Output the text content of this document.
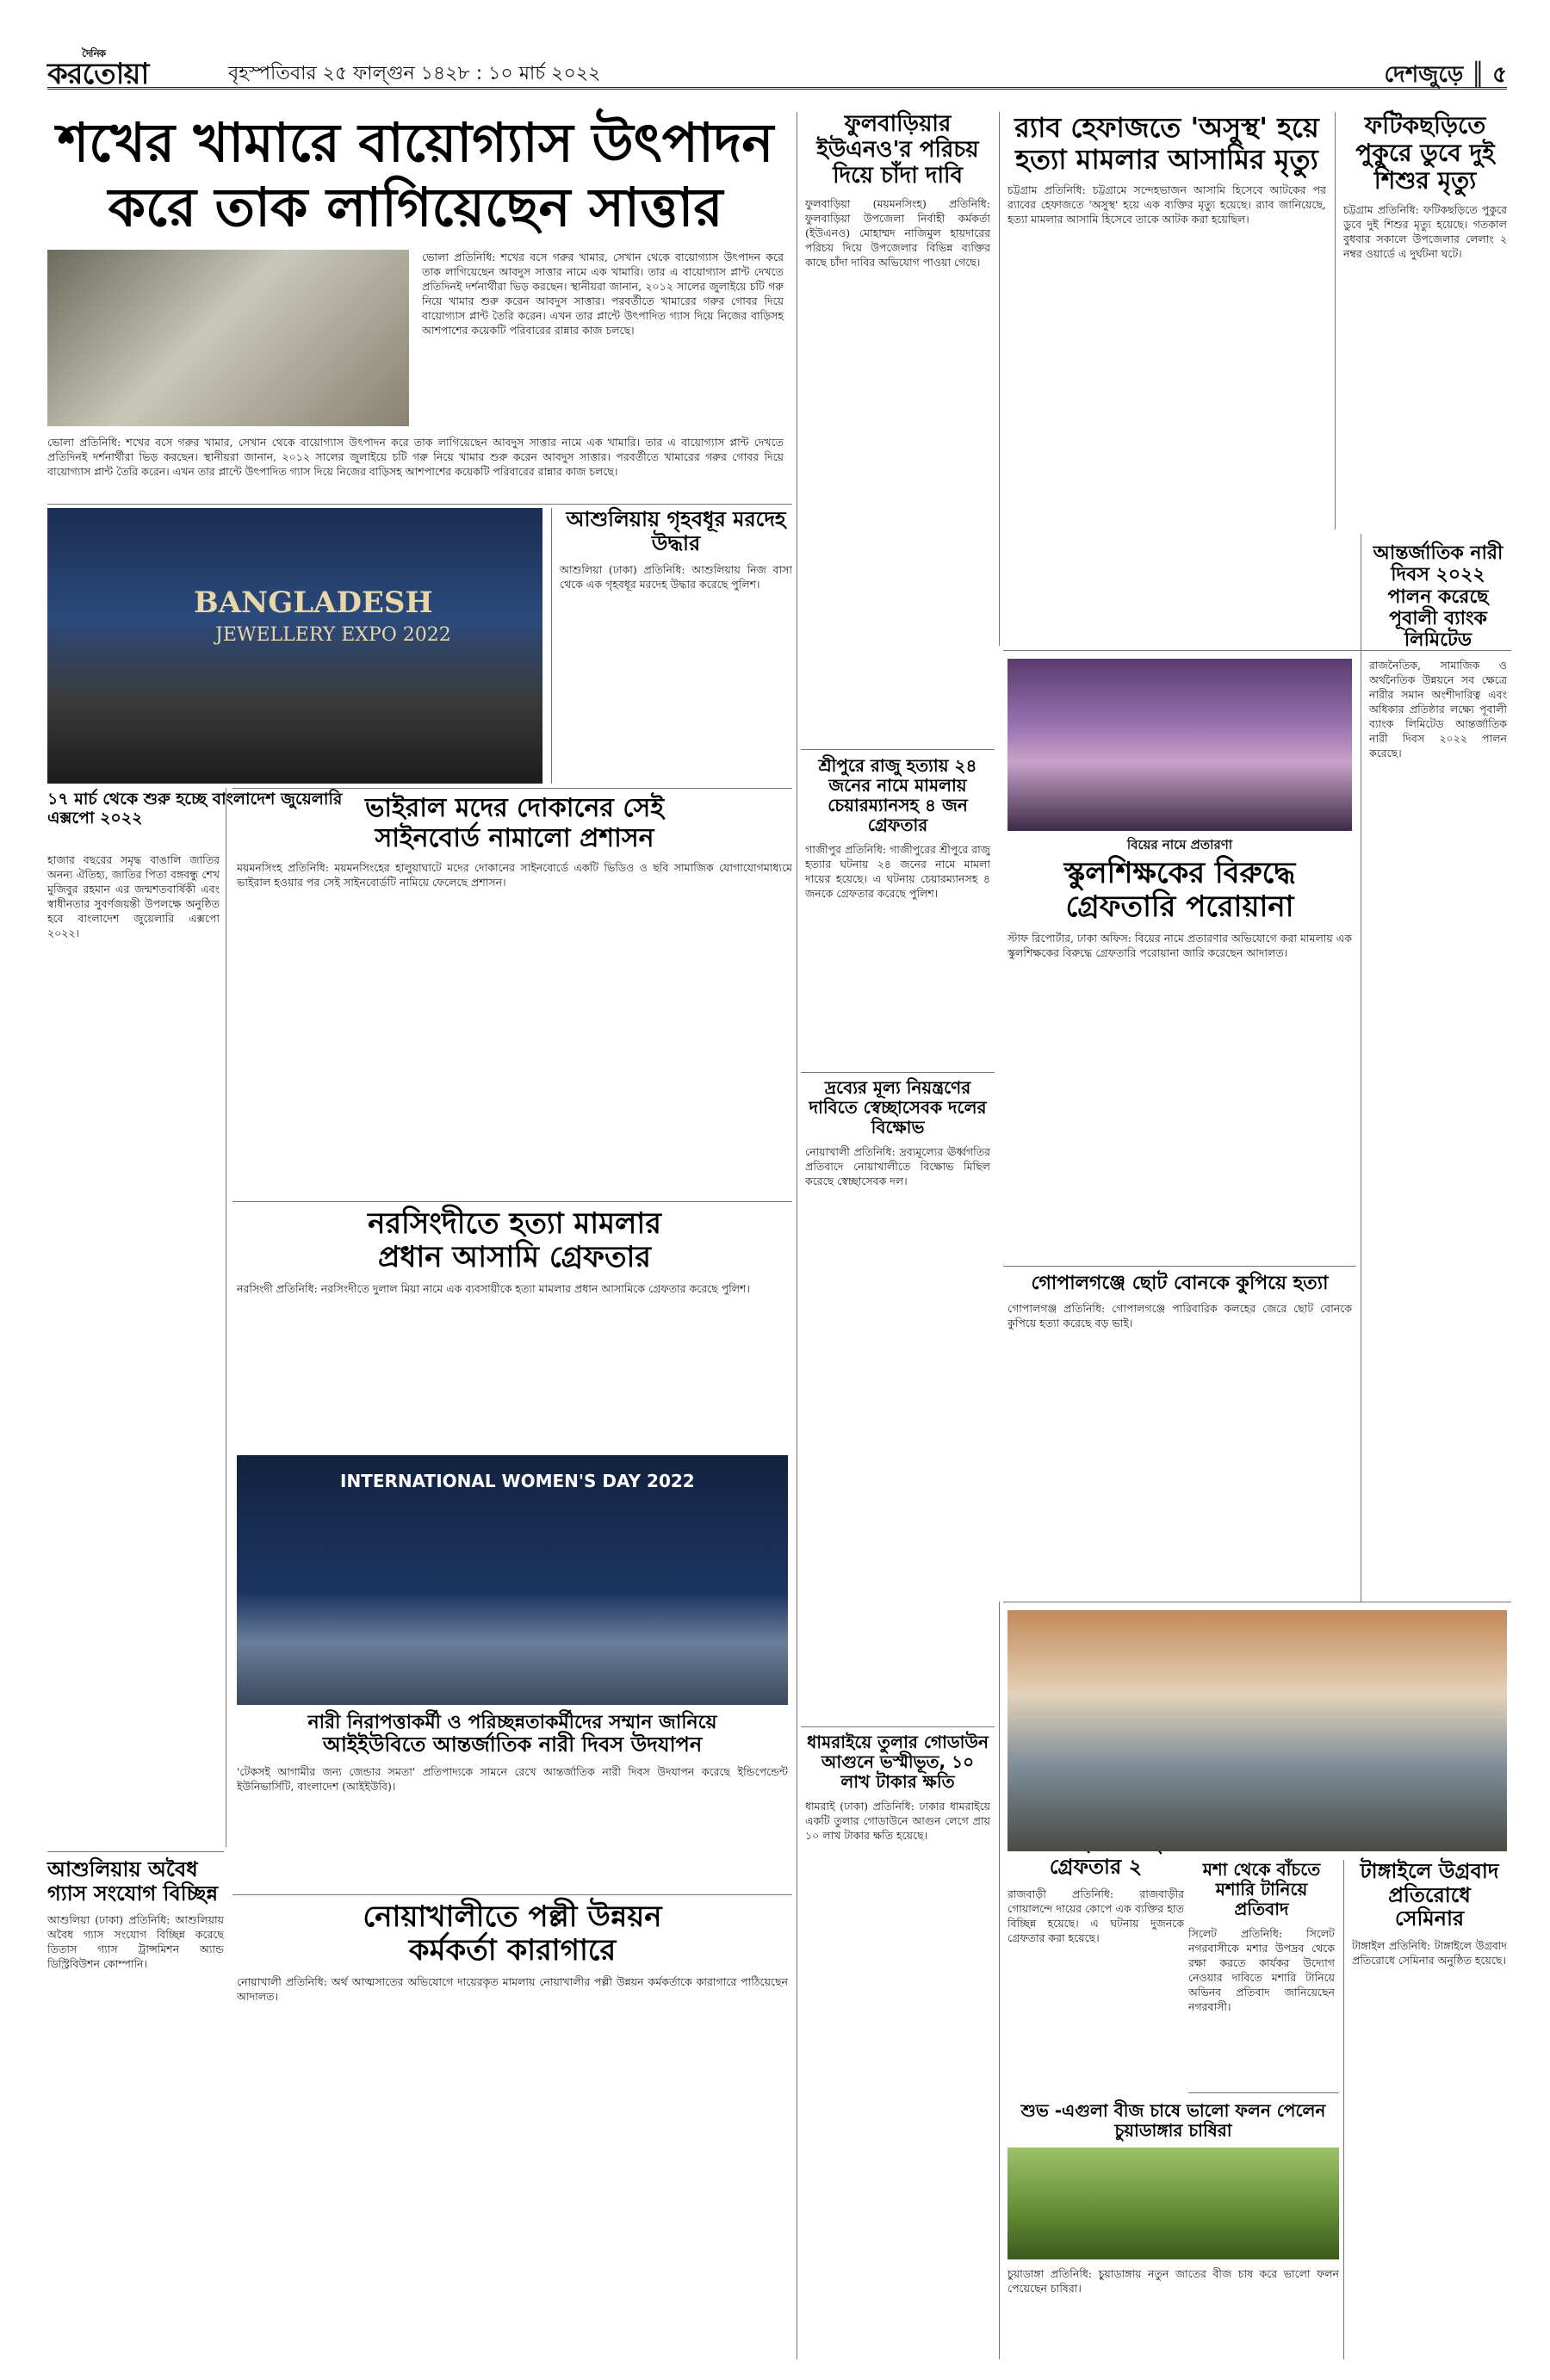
দৈনিক
করতোয়া	বৃহস্পতিবার ২৫ ফাল্গুন ১৪২৮ : ১০ মার্চ ২০২২	দেশজুড়ে ║ ৫
শখের খামারে বায়োগ্যাস উৎপাদন
করে তাক লাগিয়েছেন সাত্তার
ভোলা প্রতিনিধি: শখের বসে গরুর খামার, সেখান থেকে বায়োগ্যাস উৎপাদন করে তাক লাগিয়েছেন আবদুস সাত্তার নামে এক খামারি। তার এ বায়োগ্যাস প্লান্ট দেখতে প্রতিদিনই দর্শনার্থীরা ভিড় করছেন। স্থানীয়রা জানান, ২০১২ সালের জুলাইয়ে চটি গরু নিয়ে খামার শুরু করেন আবদুস সাত্তার। পরবর্তীতে খামারের গরুর গোবর দিয়ে বায়োগ্যাস প্লান্ট তৈরি করেন। এখন তার প্লান্টে উৎপাদিত গ্যাস দিয়ে নিজের বাড়িসহ আশপাশের কয়েকটি পরিবারের রান্নার কাজ চলছে।
ভোলা প্রতিনিধি: শখের বসে গরুর খামার, সেখান থেকে বায়োগ্যাস উৎপাদন করে তাক লাগিয়েছেন আবদুস সাত্তার নামে এক খামারি। তার এ বায়োগ্যাস প্লান্ট দেখতে প্রতিদিনই দর্শনার্থীরা ভিড় করছেন। স্থানীয়রা জানান, ২০১২ সালের জুলাইয়ে চটি গরু নিয়ে খামার শুরু করেন আবদুস সাত্তার। পরবর্তীতে খামারের গরুর গোবর দিয়ে বায়োগ্যাস প্লান্ট তৈরি করেন। এখন তার প্লান্টে উৎপাদিত গ্যাস দিয়ে নিজের বাড়িসহ আশপাশের কয়েকটি পরিবারের রান্নার কাজ চলছে।
ফুলবাড়িয়ার ইউএনও'র পরিচয় দিয়ে চাঁদা দাবি
ফুলবাড়িয়া (ময়মনসিংহ) প্রতিনিধি: ফুলবাড়িয়া উপজেলা নির্বাহী কর্মকর্তা (ইউএনও) মোহাম্মদ নাজিমুল হায়দারের পরিচয় দিয়ে উপজেলার বিভিন্ন ব্যক্তির কাছে চাঁদা দাবির অভিযোগ পাওয়া গেছে।
র‌্যাব হেফাজতে 'অসুস্থ' হয়ে
হত্যা মামলার আসামির মৃত্যু
চট্টগ্রাম প্রতিনিধি: চট্টগ্রামে সন্দেহভাজন আসামি হিসেবে আটকের পর র‌্যাবের হেফাজতে 'অসুস্থ' হয়ে এক ব্যক্তির মৃত্যু হয়েছে। র‌্যাব জানিয়েছে, হত্যা মামলার আসামি হিসেবে তাকে আটক করা হয়েছিল।
ফটিকছড়িতে পুকুরে ডুবে দুই শিশুর মৃত্যু
চট্টগ্রাম প্রতিনিধি: ফটিকছড়িতে পুকুরে ডুবে দুই শিশুর মৃত্যু হয়েছে। গতকাল বুধবার সকালে উপজেলার লেলাং ২ নম্বর ওয়ার্ডে এ দুর্ঘটনা ঘটে।
BANGLADESH
JEWELLERY EXPO 2022
১৭ মার্চ থেকে শুরু হচ্ছে বাংলাদেশ জুয়েলারি এক্সপো ২০২২
হাজার বছরের সমৃদ্ধ বাঙালি জাতির অনন্য ঐতিহ্য, জাতির পিতা বঙ্গবন্ধু শেখ মুজিবুর রহমান এর জন্মশতবার্ষিকী এবং স্বাধীনতার সুবর্ণজয়ন্তী উপলক্ষে অনুষ্ঠিত হবে বাংলাদেশ জুয়েলারি এক্সপো ২০২২।
আশুলিয়ায় গৃহবধূর মরদেহ উদ্ধার
আশুলিয়া (ঢাকা) প্রতিনিধি: আশুলিয়ায় নিজ বাসা থেকে এক গৃহবধূর মরদেহ উদ্ধার করেছে পুলিশ।
ভাইরাল মদের দোকানের সেই
সাইনবোর্ড নামালো প্রশাসন
ময়মনসিংহ প্রতিনিধি: ময়মনসিংহের হালুয়াঘাটে মদের দোকানের সাইনবোর্ডে একটি ভিডিও ও ছবি সামাজিক যোগাযোগমাধ্যমে ভাইরাল হওয়ার পর সেই সাইনবোর্ডটি নামিয়ে ফেলেছে প্রশাসন।
নরসিংদীতে হত্যা মামলার
প্রধান আসামি গ্রেফতার
নরসিংদী প্রতিনিধি: নরসিংদীতে দুলাল মিয়া নামে এক ব্যবসায়ীকে হত্যা মামলার প্রধান আসামিকে গ্রেফতার করেছে পুলিশ।
INTERNATIONAL WOMEN'S DAY 2022
নারী নিরাপত্তাকর্মী ও পরিচ্ছন্নতাকর্মীদের সম্মান জানিয়ে
আইইউবিতে আন্তর্জাতিক নারী দিবস উদযাপন
'টেকসই আগামীর জন্য জেন্ডার সমতা' প্রতিপাদ্যকে সামনে রেখে আন্তর্জাতিক নারী দিবস উদযাপন করেছে ইন্ডিপেন্ডেন্ট ইউনিভার্সিটি, বাংলাদেশ (আইইউবি)।
আশুলিয়ায় অবৈধ গ্যাস সংযোগ বিচ্ছিন্ন
আশুলিয়া (ঢাকা) প্রতিনিধি: আশুলিয়ায় অবৈধ গ্যাস সংযোগ বিচ্ছিন্ন করেছে তিতাস গ্যাস ট্রান্সমিশন অ্যান্ড ডিস্ট্রিবিউশন কোম্পানি।
নোয়াখালীতে পল্লী উন্নয়ন
কর্মকর্তা কারাগারে
নোয়াখালী প্রতিনিধি: অর্থ আত্মসাতের অভিযোগে দায়েরকৃত মামলায় নোয়াখালীর পল্লী উন্নয়ন কর্মকর্তাকে কারাগারে পাঠিয়েছেন আদালত।
শ্রীপুরে রাজু হত্যায় ২৪ জনের নামে মামলায় চেয়ারম্যানসহ ৪ জন গ্রেফতার
গাজীপুর প্রতিনিধি: গাজীপুরের শ্রীপুরে রাজু হত্যার ঘটনায় ২৪ জনের নামে মামলা দায়ের হয়েছে। এ ঘটনায় চেয়ারম্যানসহ ৪ জনকে গ্রেফতার করেছে পুলিশ।
দ্রব্যের মূল্য নিয়ন্ত্রণের দাবিতে স্বেচ্ছাসেবক দলের বিক্ষোভ
নোয়াখালী প্রতিনিধি: দ্রব্যমূল্যের ঊর্ধ্বগতির প্রতিবাদে নোয়াখালীতে বিক্ষোভ মিছিল করেছে স্বেচ্ছাসেবক দল।
ধামরাইয়ে তুলার গোডাউন আগুনে ভস্মীভূত, ১০ লাখ টাকার ক্ষতি
ধামরাই (ঢাকা) প্রতিনিধি: ঢাকার ধামরাইয়ে একটি তুলার গোডাউনে আগুন লেগে প্রায় ১০ লাখ টাকার ক্ষতি হয়েছে।
গ্রেফতার ২
রাজবাড়ী প্রতিনিধি: রাজবাড়ীর গোয়ালন্দে দায়ের কোপে এক ব্যক্তির হাত বিচ্ছিন্ন হয়েছে। এ ঘটনায় দুজনকে গ্রেফতার করা হয়েছে।
বিয়ের নামে প্রতারণা
আন্তর্জাতিক নারী দিবস ২০২২ পালন করেছে পূবালী ব্যাংক লিমিটেড
রাজনৈতিক, সামাজিক ও অর্থনৈতিক উন্নয়নে সব ক্ষেত্রে নারীর সমান অংশীদারিত্ব এবং অধিকার প্রতিষ্ঠার লক্ষ্যে পূবালী ব্যাংক লিমিটেড আন্তর্জাতিক নারী দিবস ২০২২ পালন করেছে।
স্কুলশিক্ষকের বিরুদ্ধে
গ্রেফতারি পরোয়ানা
স্টাফ রিপোর্টার, ঢাকা অফিস: বিয়ের নামে প্রতারণার অভিযোগে করা মামলায় এক স্কুলশিক্ষকের বিরুদ্ধে গ্রেফতারি পরোয়ানা জারি করেছেন আদালত।
গোপালগঞ্জে ছোট বোনকে কুপিয়ে হত্যা
গোপালগঞ্জ প্রতিনিধি: গোপালগঞ্জে পারিবারিক কলহের জেরে ছোট বোনকে কুপিয়ে হত্যা করেছে বড় ভাই।
মশা থেকে বাঁচতে মশারি টানিয়ে প্রতিবাদ
সিলেট প্রতিনিধি: সিলেট নগরবাসীকে মশার উপদ্রব থেকে রক্ষা করতে কার্যকর উদ্যোগ নেওয়ার দাবিতে মশারি টানিয়ে অভিনব প্রতিবাদ জানিয়েছেন নগরবাসী।
টাঙ্গাইলে উগ্রবাদ প্রতিরোধে সেমিনার
টাঙ্গাইল প্রতিনিধি: টাঙ্গাইলে উগ্রবাদ প্রতিরোধে সেমিনার অনুষ্ঠিত হয়েছে।
শুভ -এগুলা বীজ চাষে ভালো ফলন পেলেন চুয়াডাঙ্গার চাষিরা
চুয়াডাঙ্গা প্রতিনিধি: চুয়াডাঙ্গায় নতুন জাতের বীজ চাষ করে ভালো ফলন পেয়েছেন চাষিরা।
